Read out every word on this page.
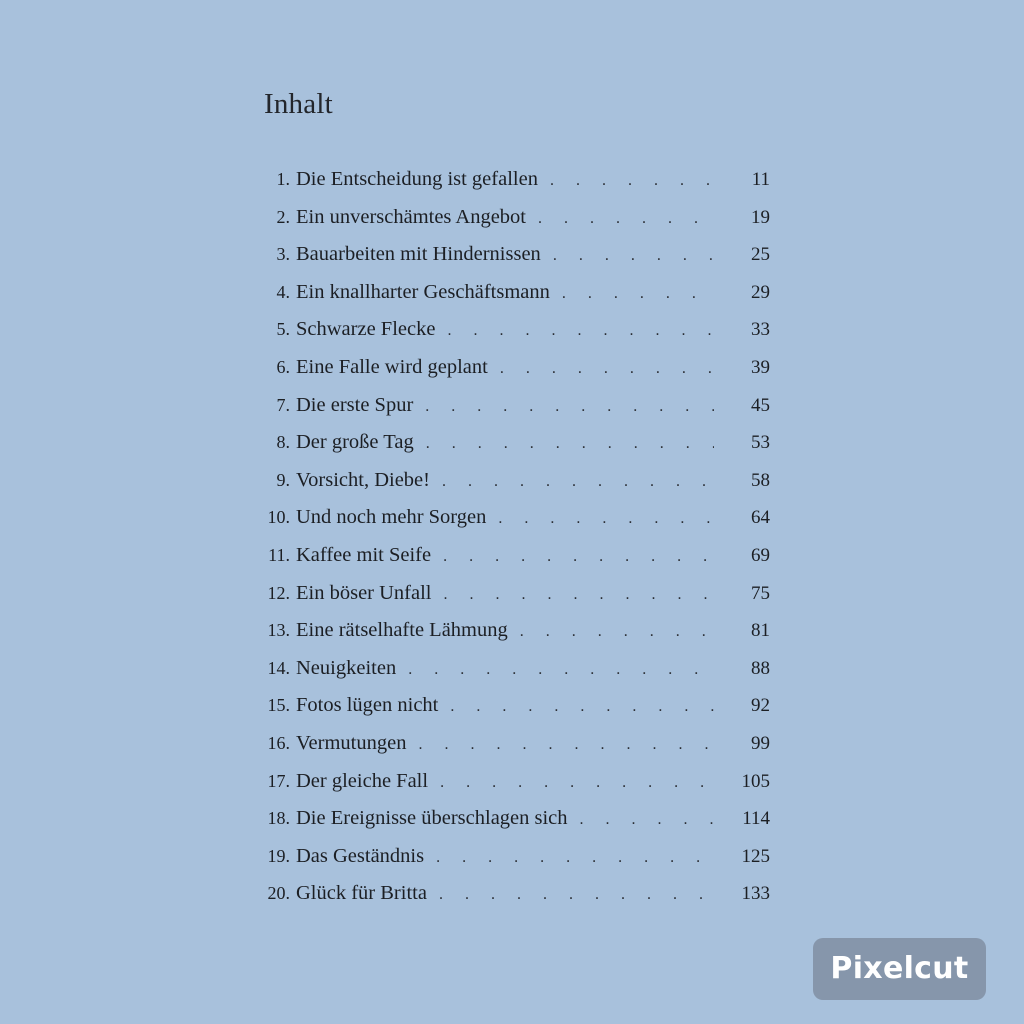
Inhalt
1. Die Entscheidung ist gefallen . . .	11
2. Ein unverschämtes Angebot . . .	19
3. Bauarbeiten mit Hindernissen . . .	25
4. Ein knallharter Geschäftsmann . . .	29
5. Schwarze Flecke . . .	33
6. Eine Falle wird geplant . . .	39
7. Die erste Spur . . .	45
8. Der große Tag . . .	53
9. Vorsicht, Diebe! . . .	58
10. Und noch mehr Sorgen . . .	64
11. Kaffee mit Seife . . .	69
12. Ein böser Unfall . . .	75
13. Eine rätselhafte Lähmung . . .	81
14. Neuigkeiten . . .	88
15. Fotos lügen nicht . . .	92
16. Vermutungen . . .	99
17. Der gleiche Fall . . .	105
18. Die Ereignisse überschlagen sich . . .	114
19. Das Geständnis . . .	125
20. Glück für Britta . . .	133
Pixelcut
